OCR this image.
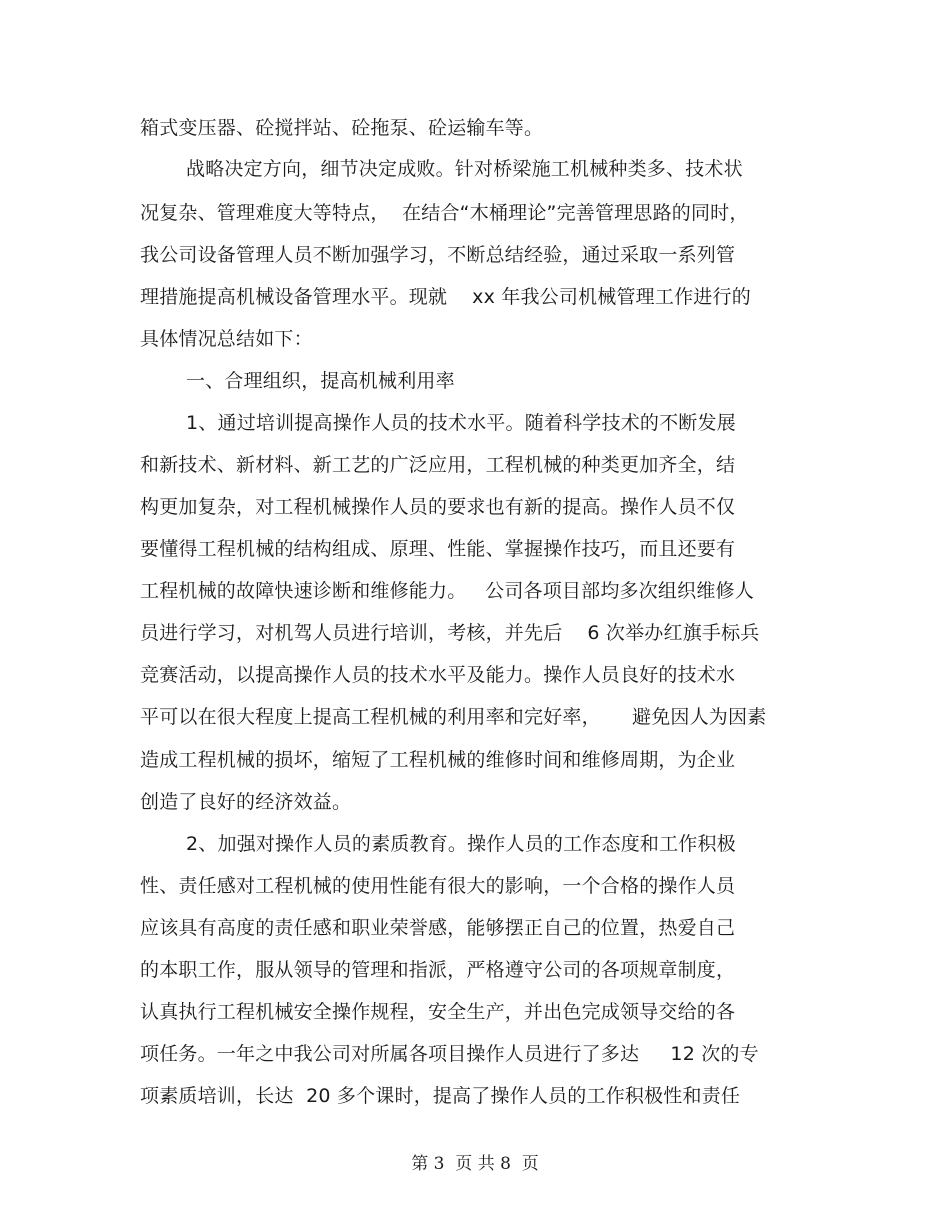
箱式变压器、砼搅拌站、砼拖泵、砼运输车等。
战略决定方向，细节决定成败。针对桥梁施工机械种类多、技术状
况复杂、管理难度大等特点，  在结合“木桶理论”完善管理思路的同时，
我公司设备管理人员不断加强学习，不断总结经验，通过采取一系列管
理措施提高机械设备管理水平。现就    xx 年我公司机械管理工作进行的
具体情况总结如下：
一、合理组织，提高机械利用率
1、通过培训提高操作人员的技术水平。随着科学技术的不断发展
和新技术、新材料、新工艺的广泛应用，工程机械的种类更加齐全，结
构更加复杂，对工程机械操作人员的要求也有新的提高。操作人员不仅
要懂得工程机械的结构组成、原理、性能、掌握操作技巧，而且还要有
工程机械的故障快速诊断和维修能力。   公司各项目部均多次组织维修人
员进行学习，对机驾人员进行培训，考核，并先后    6 次举办红旗手标兵
竞赛活动，以提高操作人员的技术水平及能力。操作人员良好的技术水
平可以在很大程度上提高工程机械的利用率和完好率，     避免因人为因素
造成工程机械的损坏，缩短了工程机械的维修时间和维修周期，为企业
创造了良好的经济效益。
2、加强对操作人员的素质教育。操作人员的工作态度和工作积极
性、责任感对工程机械的使用性能有很大的影响，一个合格的操作人员
应该具有高度的责任感和职业荣誉感，能够摆正自己的位置，热爱自己
的本职工作，服从领导的管理和指派，严格遵守公司的各项规章制度，
认真执行工程机械安全操作规程，安全生产，并出色完成领导交给的各
项任务。一年之中我公司对所属各项目操作人员进行了多达     12 次的专
项素质培训，长达  20 多个课时，提高了操作人员的工作积极性和责任
第 3  页 共 8  页
